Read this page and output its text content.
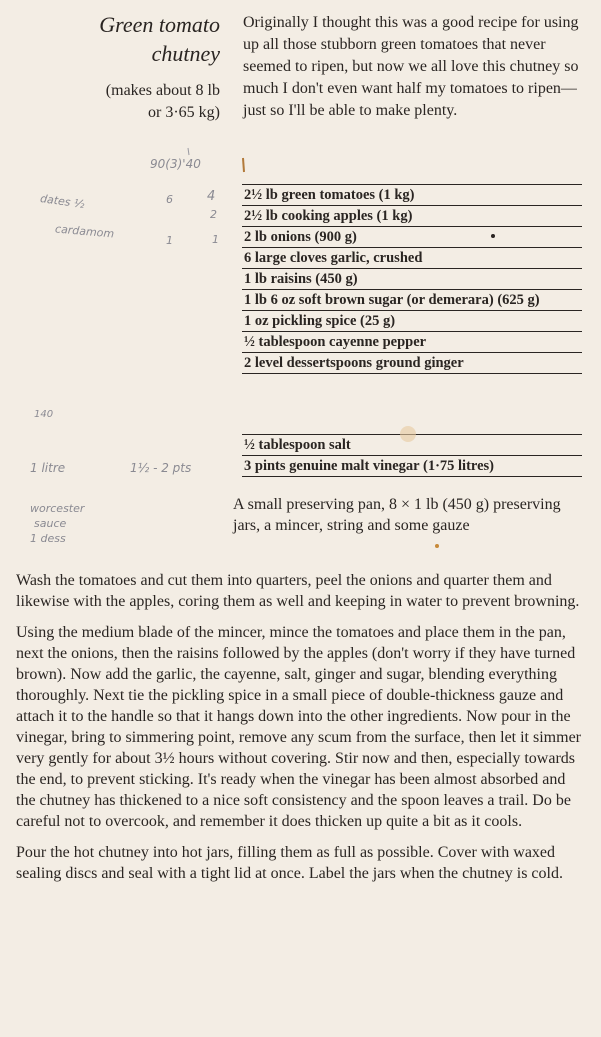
Green tomato
chutney
(makes about 8 lb
or 3·65 kg)
Originally I thought this was a good recipe for using up all those stubborn green tomatoes that never seemed to ripen, but now we all love this chutney so much I don't even want half my tomatoes to ripen—just so I'll be able to make plenty.
2½ lb green tomatoes (1 kg)
2½ lb cooking apples (1 kg)
2 lb onions (900 g)
6 large cloves garlic, crushed
1 lb raisins (450 g)
1 lb 6 oz soft brown sugar (or demerara) (625 g)
1 oz pickling spice (25 g)
½ tablespoon cayenne pepper
2 level dessertspoons ground ginger
½ tablespoon salt
3 pints genuine malt vinegar (1·75 litres)
A small preserving pan, 8 × 1 lb (450 g) preserving jars, a mincer, string and some gauze

Wash the tomatoes and cut them into quarters, peel the onions and quarter them and likewise with the apples, coring them as well and keeping in water to prevent browning.

Using the medium blade of the mincer, mince the tomatoes and place them in the pan, next the onions, then the raisins followed by the apples (don't worry if they have turned brown). Now add the garlic, the cayenne, salt, ginger and sugar, blending everything thoroughly. Next tie the pickling spice in a small piece of double-thickness gauze and attach it to the handle so that it hangs down into the other ingredients. Now pour in the vinegar, bring to simmering point, remove any scum from the surface, then let it simmer very gently for about 3½ hours without covering. Stir now and then, especially towards the end, to prevent sticking. It's ready when the vinegar has been almost absorbed and the chutney has thickened to a nice soft consistency and the spoon leaves a trail. Do be careful not to overcook, and remember it does thicken up quite a bit as it cools.

Pour the hot chutney into hot jars, filling them as full as possible. Cover with waxed sealing discs and seal with a tight lid at once. Label the jars when the chutney is cold.

90(3)'40
dates ½	6	4
2
cardamom	1	1
140
1 litre	1½ - 2 pts
worcester
sauce
1 dess
